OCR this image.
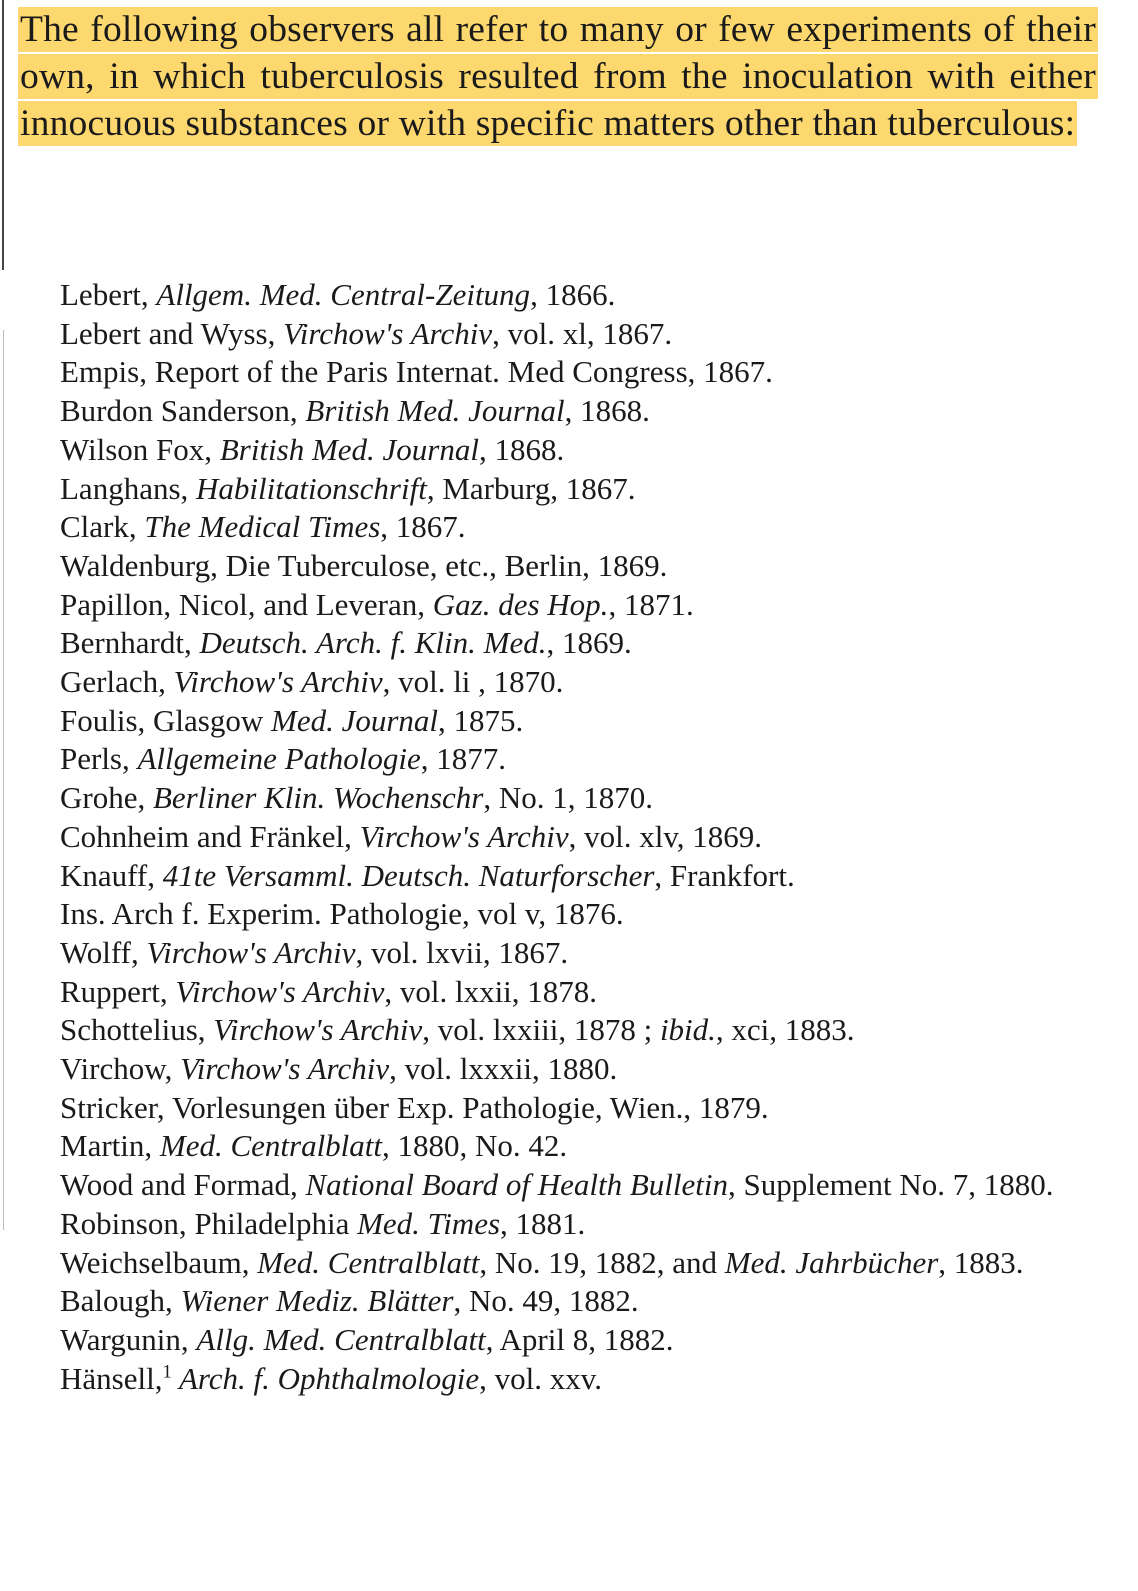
The following observers all refer to many or few experiments of their own, in which tuberculosis resulted from the inoculation with either innocuous substances or with specific matters other than tuberculous:

Lebert, Allgem. Med. Central-Zeitung, 1866.

Lebert and Wyss, Virchow's Archiv, vol. xl, 1867.

Empis, Report of the Paris Internat. Med Congress, 1867.

Burdon Sanderson, British Med. Journal, 1868.

Wilson Fox, British Med. Journal, 1868.

Langhans, Habilitationschrift, Marburg, 1867.

Clark, The Medical Times, 1867.

Waldenburg, Die Tuberculose, etc., Berlin, 1869.

Papillon, Nicol, and Leveran, Gaz. des Hop., 1871.

Bernhardt, Deutsch. Arch. f. Klin. Med., 1869.

Gerlach, Virchow's Archiv, vol. li , 1870.

Foulis, Glasgow Med. Journal, 1875.

Perls, Allgemeine Pathologie, 1877.

Grohe, Berliner Klin. Wochenschr, No. 1, 1870.

Cohnheim and Fränkel, Virchow's Archiv, vol. xlv, 1869.

Knauff, 41te Versamml. Deutsch. Naturforscher, Frankfort.

Ins. Arch f. Experim. Pathologie, vol v, 1876.

Wolff, Virchow's Archiv, vol. lxvii, 1867.

Ruppert, Virchow's Archiv, vol. lxxii, 1878.

Schottelius, Virchow's Archiv, vol. lxxiii, 1878 ; ibid., xci, 1883.

Virchow, Virchow's Archiv, vol. lxxxii, 1880.

Stricker, Vorlesungen über Exp. Pathologie, Wien., 1879.

Martin, Med. Centralblatt, 1880, No. 42.

Wood and Formad, National Board of Health Bulletin, Supplement No. 7, 1880.

Robinson, Philadelphia Med. Times, 1881.

Weichselbaum, Med. Centralblatt, No. 19, 1882, and Med. Jahrbücher, 1883.

Balough, Wiener Mediz. Blätter, No. 49, 1882.

Wargunin, Allg. Med. Centralblatt, April 8, 1882.

Hänsell,$^1$ Arch. f. Ophthalmologie, vol. xxv.
